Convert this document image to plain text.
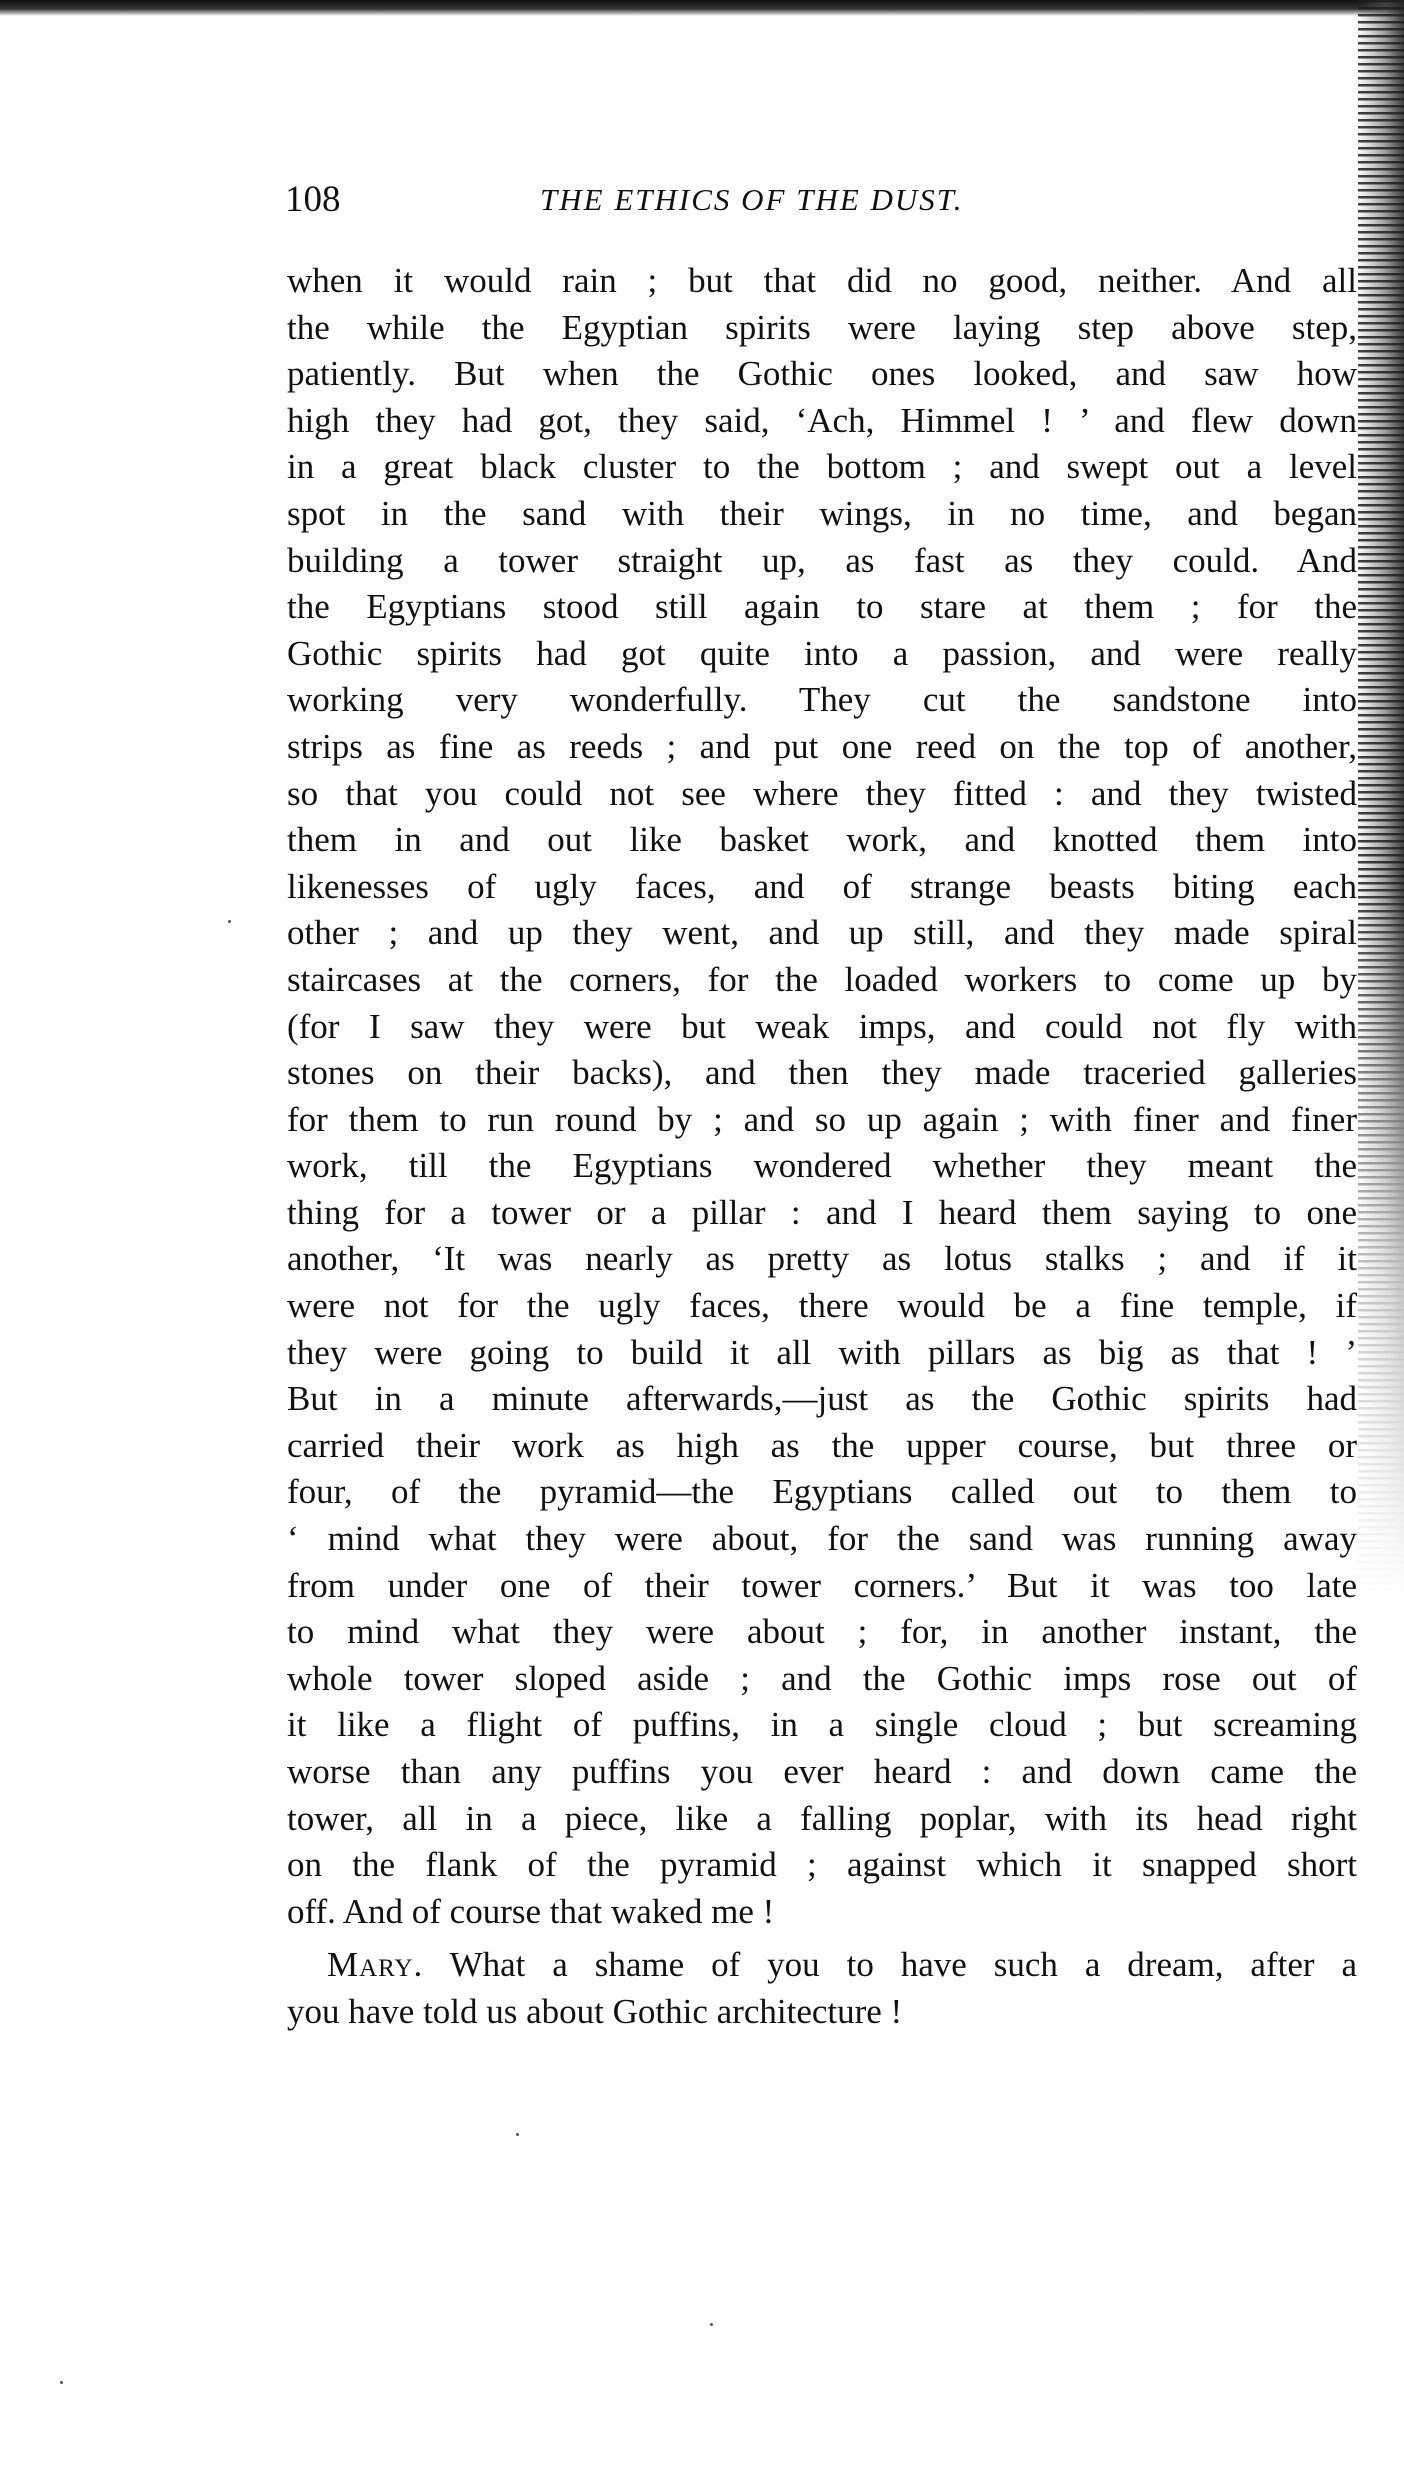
108	THE ETHICS OF THE DUST.
when it would rain ; but that did no good, neither. And all
the while the Egyptian spirits were laying step above step,
patiently. But when the Gothic ones looked, and saw how
high they had got, they said, ‘Ach, Himmel ! ’ and flew down
in a great black cluster to the bottom ; and swept out a level
spot in the sand with their wings, in no time, and began
building a tower straight up, as fast as they could. And
the Egyptians stood still again to stare at them ; for the
Gothic spirits had got quite into a passion, and were really
working very wonderfully. They cut the sandstone into
strips as fine as reeds ; and put one reed on the top of another,
so that you could not see where they fitted : and they twisted
them in and out like basket work, and knotted them into
likenesses of ugly faces, and of strange beasts biting each
other ; and up they went, and up still, and they made spiral
staircases at the corners, for the loaded workers to come up by
(for I saw they were but weak imps, and could not fly with
stones on their backs), and then they made traceried galleries
for them to run round by ; and so up again ; with finer and finer
work, till the Egyptians wondered whether they meant the
thing for a tower or a pillar : and I heard them saying to one
another, ‘It was nearly as pretty as lotus stalks ; and if it
were not for the ugly faces, there would be a fine temple, if
they were going to build it all with pillars as big as that ! ’
But in a minute afterwards,—just as the Gothic spirits had
carried their work as high as the upper course, but three or
four, of the pyramid—the Egyptians called out to them to
‘ mind what they were about, for the sand was running away
from under one of their tower corners.’ But it was too late
to mind what they were about ; for, in another instant, the
whole tower sloped aside ; and the Gothic imps rose out of
it like a flight of puffins, in a single cloud ; but screaming
worse than any puffins you ever heard : and down came the
tower, all in a piece, like a falling poplar, with its head right
on the flank of the pyramid ; against which it snapped short
off. And of course that waked me !
Mary. What a shame of you to have such a dream, after a
you have told us about Gothic architecture !
